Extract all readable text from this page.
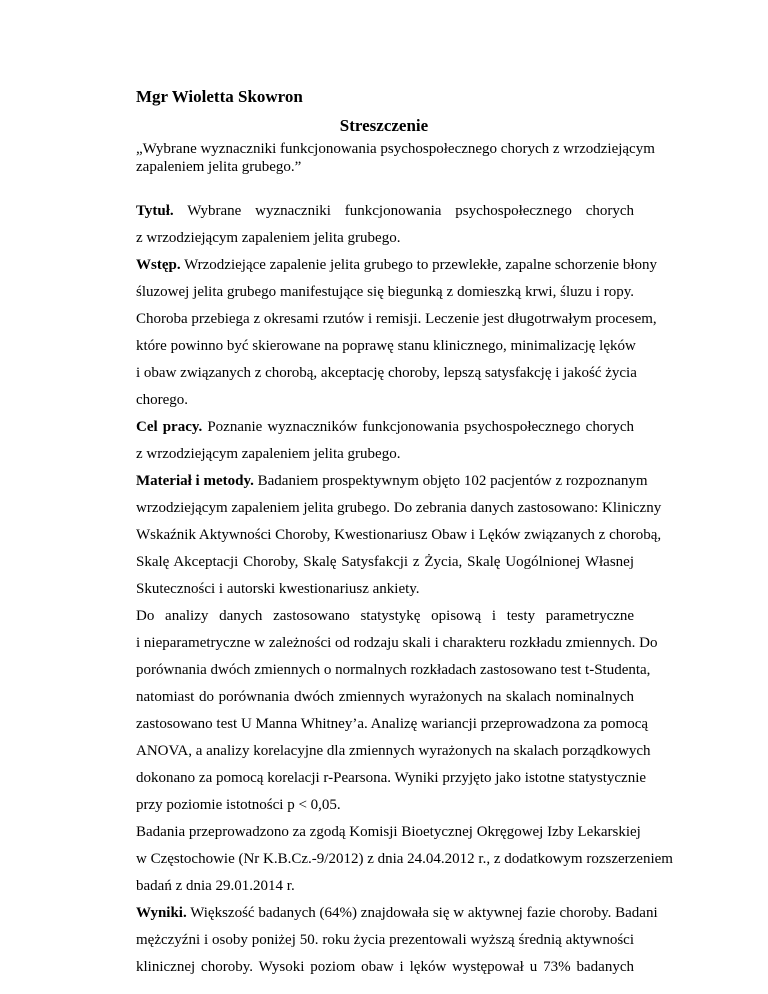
Mgr Wioletta Skowron
Streszczenie
„Wybrane wyznaczniki funkcjonowania psychospołecznego chorych z wrzodziejącym
zapaleniem jelita grubego.”
Tytuł. Wybrane wyznaczniki funkcjonowania psychospołecznego chorych
z wrzodziejącym zapaleniem jelita grubego.
Wstęp. Wrzodziejące zapalenie jelita grubego to przewlekłe, zapalne schorzenie błony
śluzowej jelita grubego manifestujące się biegunką z domieszką krwi, śluzu i ropy.
Choroba przebiega z okresami rzutów i remisji. Leczenie jest długotrwałym procesem,
które powinno być skierowane na poprawę stanu klinicznego, minimalizację lęków
i obaw związanych z chorobą, akceptację choroby, lepszą satysfakcję i jakość życia
chorego.
Cel pracy. Poznanie wyznaczników funkcjonowania psychospołecznego chorych
z wrzodziejącym zapaleniem jelita grubego.
Materiał i metody. Badaniem prospektywnym objęto 102 pacjentów z rozpoznanym
wrzodziejącym zapaleniem jelita grubego. Do zebrania danych zastosowano: Kliniczny
Wskaźnik Aktywności Choroby, Kwestionariusz Obaw i Lęków związanych z chorobą,
Skalę Akceptacji Choroby, Skalę Satysfakcji z Życia, Skalę Uogólnionej Własnej
Skuteczności i autorski kwestionariusz ankiety.
Do analizy danych zastosowano statystykę opisową i testy parametryczne
i nieparametryczne w zależności od rodzaju skali i charakteru rozkładu zmiennych. Do
porównania dwóch zmiennych o normalnych rozkładach zastosowano test t-Studenta,
natomiast do porównania dwóch zmiennych wyrażonych na skalach nominalnych
zastosowano test U Manna Whitney’a. Analizę wariancji przeprowadzona za pomocą
ANOVA, a analizy korelacyjne dla zmiennych wyrażonych na skalach porządkowych
dokonano za pomocą korelacji r-Pearsona. Wyniki przyjęto jako istotne statystycznie
przy poziomie istotności p < 0,05.
Badania przeprowadzono za zgodą Komisji Bioetycznej Okręgowej Izby Lekarskiej
w Częstochowie (Nr K.B.Cz.-9/2012) z dnia 24.04.2012 r., z dodatkowym rozszerzeniem
badań z dnia 29.01.2014 r.
Wyniki. Większość badanych (64%) znajdowała się w aktywnej fazie choroby. Badani
mężczyźni i osoby poniżej 50. roku życia prezentowali wyższą średnią aktywności
klinicznej choroby. Wysoki poziom obaw i lęków występował u 73% badanych
